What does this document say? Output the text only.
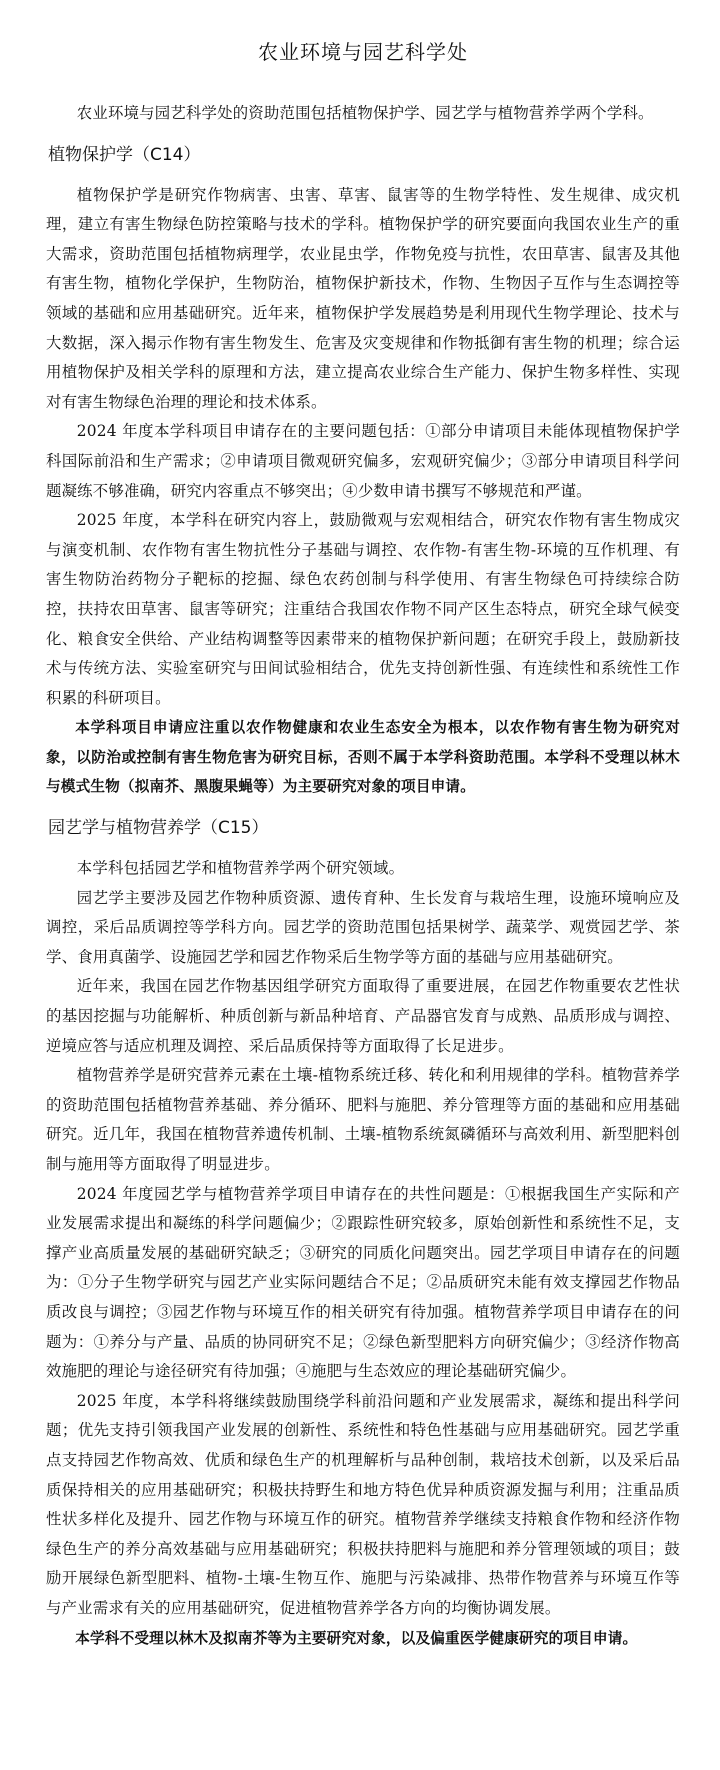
农业环境与园艺科学处

农业环境与园艺科学处的资助范围包括植物保护学、园艺学与植物营养学两个学科。

植物保护学（C14）

植物保护学是研究作物病害、虫害、草害、鼠害等的生物学特性、发生规律、成灾机理，建立有害生物绿色防控策略与技术的学科。植物保护学的研究要面向我国农业生产的重大需求，资助范围包括植物病理学，农业昆虫学，作物免疫与抗性，农田草害、鼠害及其他有害生物，植物化学保护，生物防治，植物保护新技术，作物、生物因子互作与生态调控等领域的基础和应用基础研究。近年来，植物保护学发展趋势是利用现代生物学理论、技术与大数据，深入揭示作物有害生物发生、危害及灾变规律和作物抵御有害生物的机理；综合运用植物保护及相关学科的原理和方法，建立提高农业综合生产能力、保护生物多样性、实现对有害生物绿色治理的理论和技术体系。

2024 年度本学科项目申请存在的主要问题包括：①部分申请项目未能体现植物保护学科国际前沿和生产需求；②申请项目微观研究偏多，宏观研究偏少；③部分申请项目科学问题凝练不够准确，研究内容重点不够突出；④少数申请书撰写不够规范和严谨。

2025 年度，本学科在研究内容上，鼓励微观与宏观相结合，研究农作物有害生物成灾与演变机制、农作物有害生物抗性分子基础与调控、农作物-有害生物-环境的互作机理、有害生物防治药物分子靶标的挖掘、绿色农药创制与科学使用、有害生物绿色可持续综合防控，扶持农田草害、鼠害等研究；注重结合我国农作物不同产区生态特点，研究全球气候变化、粮食安全供给、产业结构调整等因素带来的植物保护新问题；在研究手段上，鼓励新技术与传统方法、实验室研究与田间试验相结合，优先支持创新性强、有连续性和系统性工作积累的科研项目。

本学科项目申请应注重以农作物健康和农业生态安全为根本，以农作物有害生物为研究对象，以防治或控制有害生物危害为研究目标，否则不属于本学科资助范围。本学科不受理以林木与模式生物（拟南芥、黑腹果蝇等）为主要研究对象的项目申请。

园艺学与植物营养学（C15）

本学科包括园艺学和植物营养学两个研究领域。

园艺学主要涉及园艺作物种质资源、遗传育种、生长发育与栽培生理，设施环境响应及调控，采后品质调控等学科方向。园艺学的资助范围包括果树学、蔬菜学、观赏园艺学、茶学、食用真菌学、设施园艺学和园艺作物采后生物学等方面的基础与应用基础研究。

近年来，我国在园艺作物基因组学研究方面取得了重要进展，在园艺作物重要农艺性状的基因挖掘与功能解析、种质创新与新品种培育、产品器官发育与成熟、品质形成与调控、逆境应答与适应机理及调控、采后品质保持等方面取得了长足进步。

植物营养学是研究营养元素在土壤-植物系统迁移、转化和利用规律的学科。植物营养学的资助范围包括植物营养基础、养分循环、肥料与施肥、养分管理等方面的基础和应用基础研究。近几年，我国在植物营养遗传机制、土壤-植物系统氮磷循环与高效利用、新型肥料创制与施用等方面取得了明显进步。

2024 年度园艺学与植物营养学项目申请存在的共性问题是：①根据我国生产实际和产业发展需求提出和凝练的科学问题偏少；②跟踪性研究较多，原始创新性和系统性不足，支撑产业高质量发展的基础研究缺乏；③研究的同质化问题突出。园艺学项目申请存在的问题为：①分子生物学研究与园艺产业实际问题结合不足；②品质研究未能有效支撑园艺作物品质改良与调控；③园艺作物与环境互作的相关研究有待加强。植物营养学项目申请存在的问题为：①养分与产量、品质的协同研究不足；②绿色新型肥料方向研究偏少；③经济作物高效施肥的理论与途径研究有待加强；④施肥与生态效应的理论基础研究偏少。

2025 年度，本学科将继续鼓励围绕学科前沿问题和产业发展需求，凝练和提出科学问题；优先支持引领我国产业发展的创新性、系统性和特色性基础与应用基础研究。园艺学重点支持园艺作物高效、优质和绿色生产的机理解析与品种创制，栽培技术创新，以及采后品质保持相关的应用基础研究；积极扶持野生和地方特色优异种质资源发掘与利用；注重品质性状多样化及提升、园艺作物与环境互作的研究。植物营养学继续支持粮食作物和经济作物绿色生产的养分高效基础与应用基础研究；积极扶持肥料与施肥和养分管理领域的项目；鼓励开展绿色新型肥料、植物-土壤-生物互作、施肥与污染减排、热带作物营养与环境互作等与产业需求有关的应用基础研究，促进植物营养学各方向的均衡协调发展。

本学科不受理以林木及拟南芥等为主要研究对象，以及偏重医学健康研究的项目申请。
